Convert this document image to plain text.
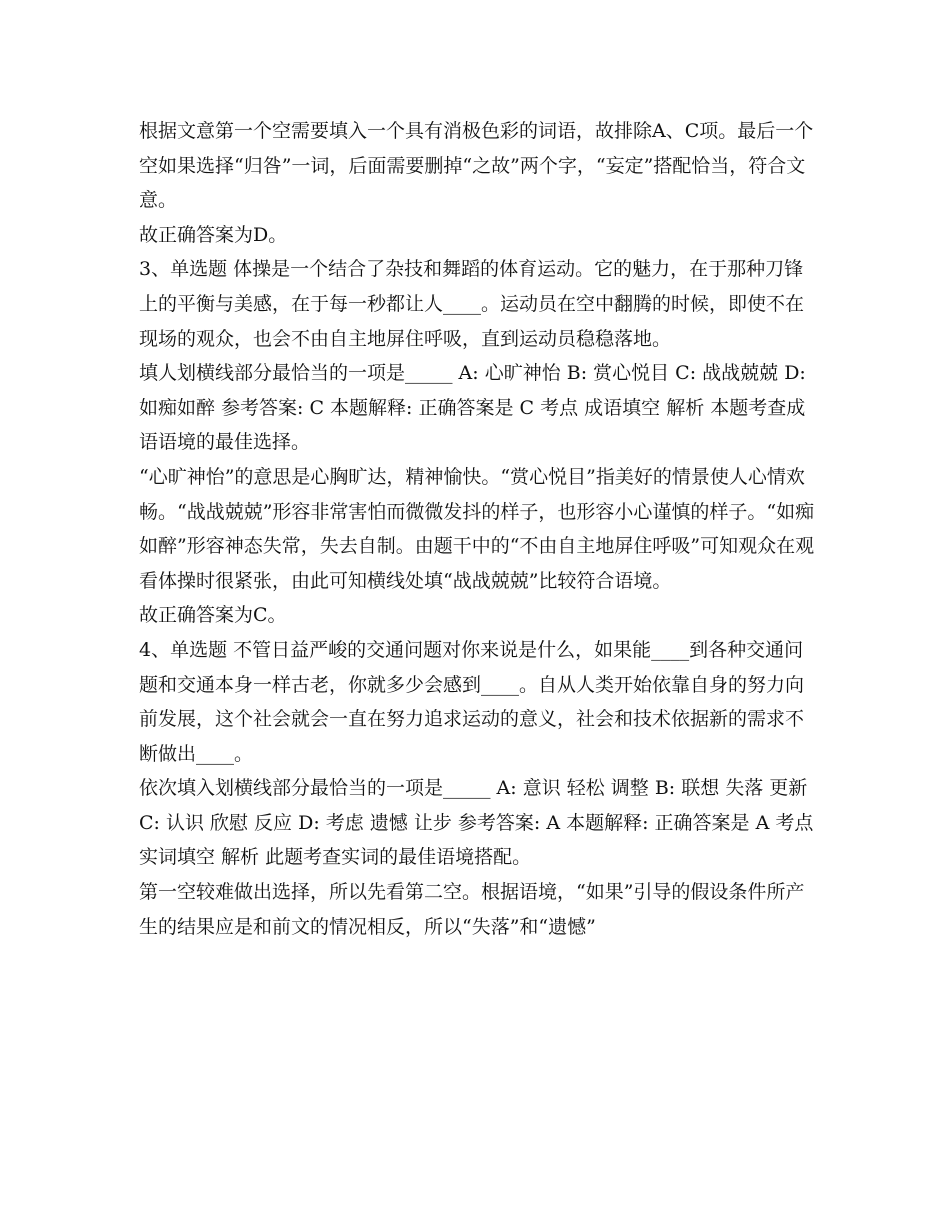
根据文意第一个空需要填入一个具有消极色彩的词语，故排除A、C项。最后一个空如果选择“归咎”一词，后面需要删掉“之故”两个字，“妄定”搭配恰当，符合文意。

故正确答案为D。

3、单选题 体操是一个结合了杂技和舞蹈的体育运动。它的魅力，在于那种刀锋上的平衡与美感，在于每一秒都让人____。运动员在空中翻腾的时候，即使不在现场的观众，也会不由自主地屏住呼吸，直到运动员稳稳落地。

填人划横线部分最恰当的一项是_____ A: 心旷神怡 B: 赏心悦目 C: 战战兢兢 D: 如痴如醉 参考答案: C 本题解释: 正确答案是 C 考点 成语填空 解析 本题考查成语语境的最佳选择。

“心旷神怡”的意思是心胸旷达，精神愉快。“赏心悦目”指美好的情景使人心情欢畅。“战战兢兢”形容非常害怕而微微发抖的样子，也形容小心谨慎的样子。“如痴如醉”形容神态失常，失去自制。由题干中的“不由自主地屏住呼吸”可知观众在观看体操时很紧张，由此可知横线处填“战战兢兢”比较符合语境。

故正确答案为C。

4、单选题 不管日益严峻的交通问题对你来说是什么，如果能____到各种交通问题和交通本身一样古老，你就多少会感到____。自从人类开始依靠自身的努力向前发展，这个社会就会一直在努力追求运动的意义，社会和技术依据新的需求不断做出____。

依次填入划横线部分最恰当的一项是_____ A: 意识 轻松 调整 B: 联想 失落 更新 C: 认识 欣慰 反应 D: 考虑 遗憾 让步 参考答案: A 本题解释: 正确答案是 A 考点 实词填空 解析 此题考查实词的最佳语境搭配。

第一空较难做出选择，所以先看第二空。根据语境，“如果”引导的假设条件所产生的结果应是和前文的情况相反，所以“失落”和“遗憾”
